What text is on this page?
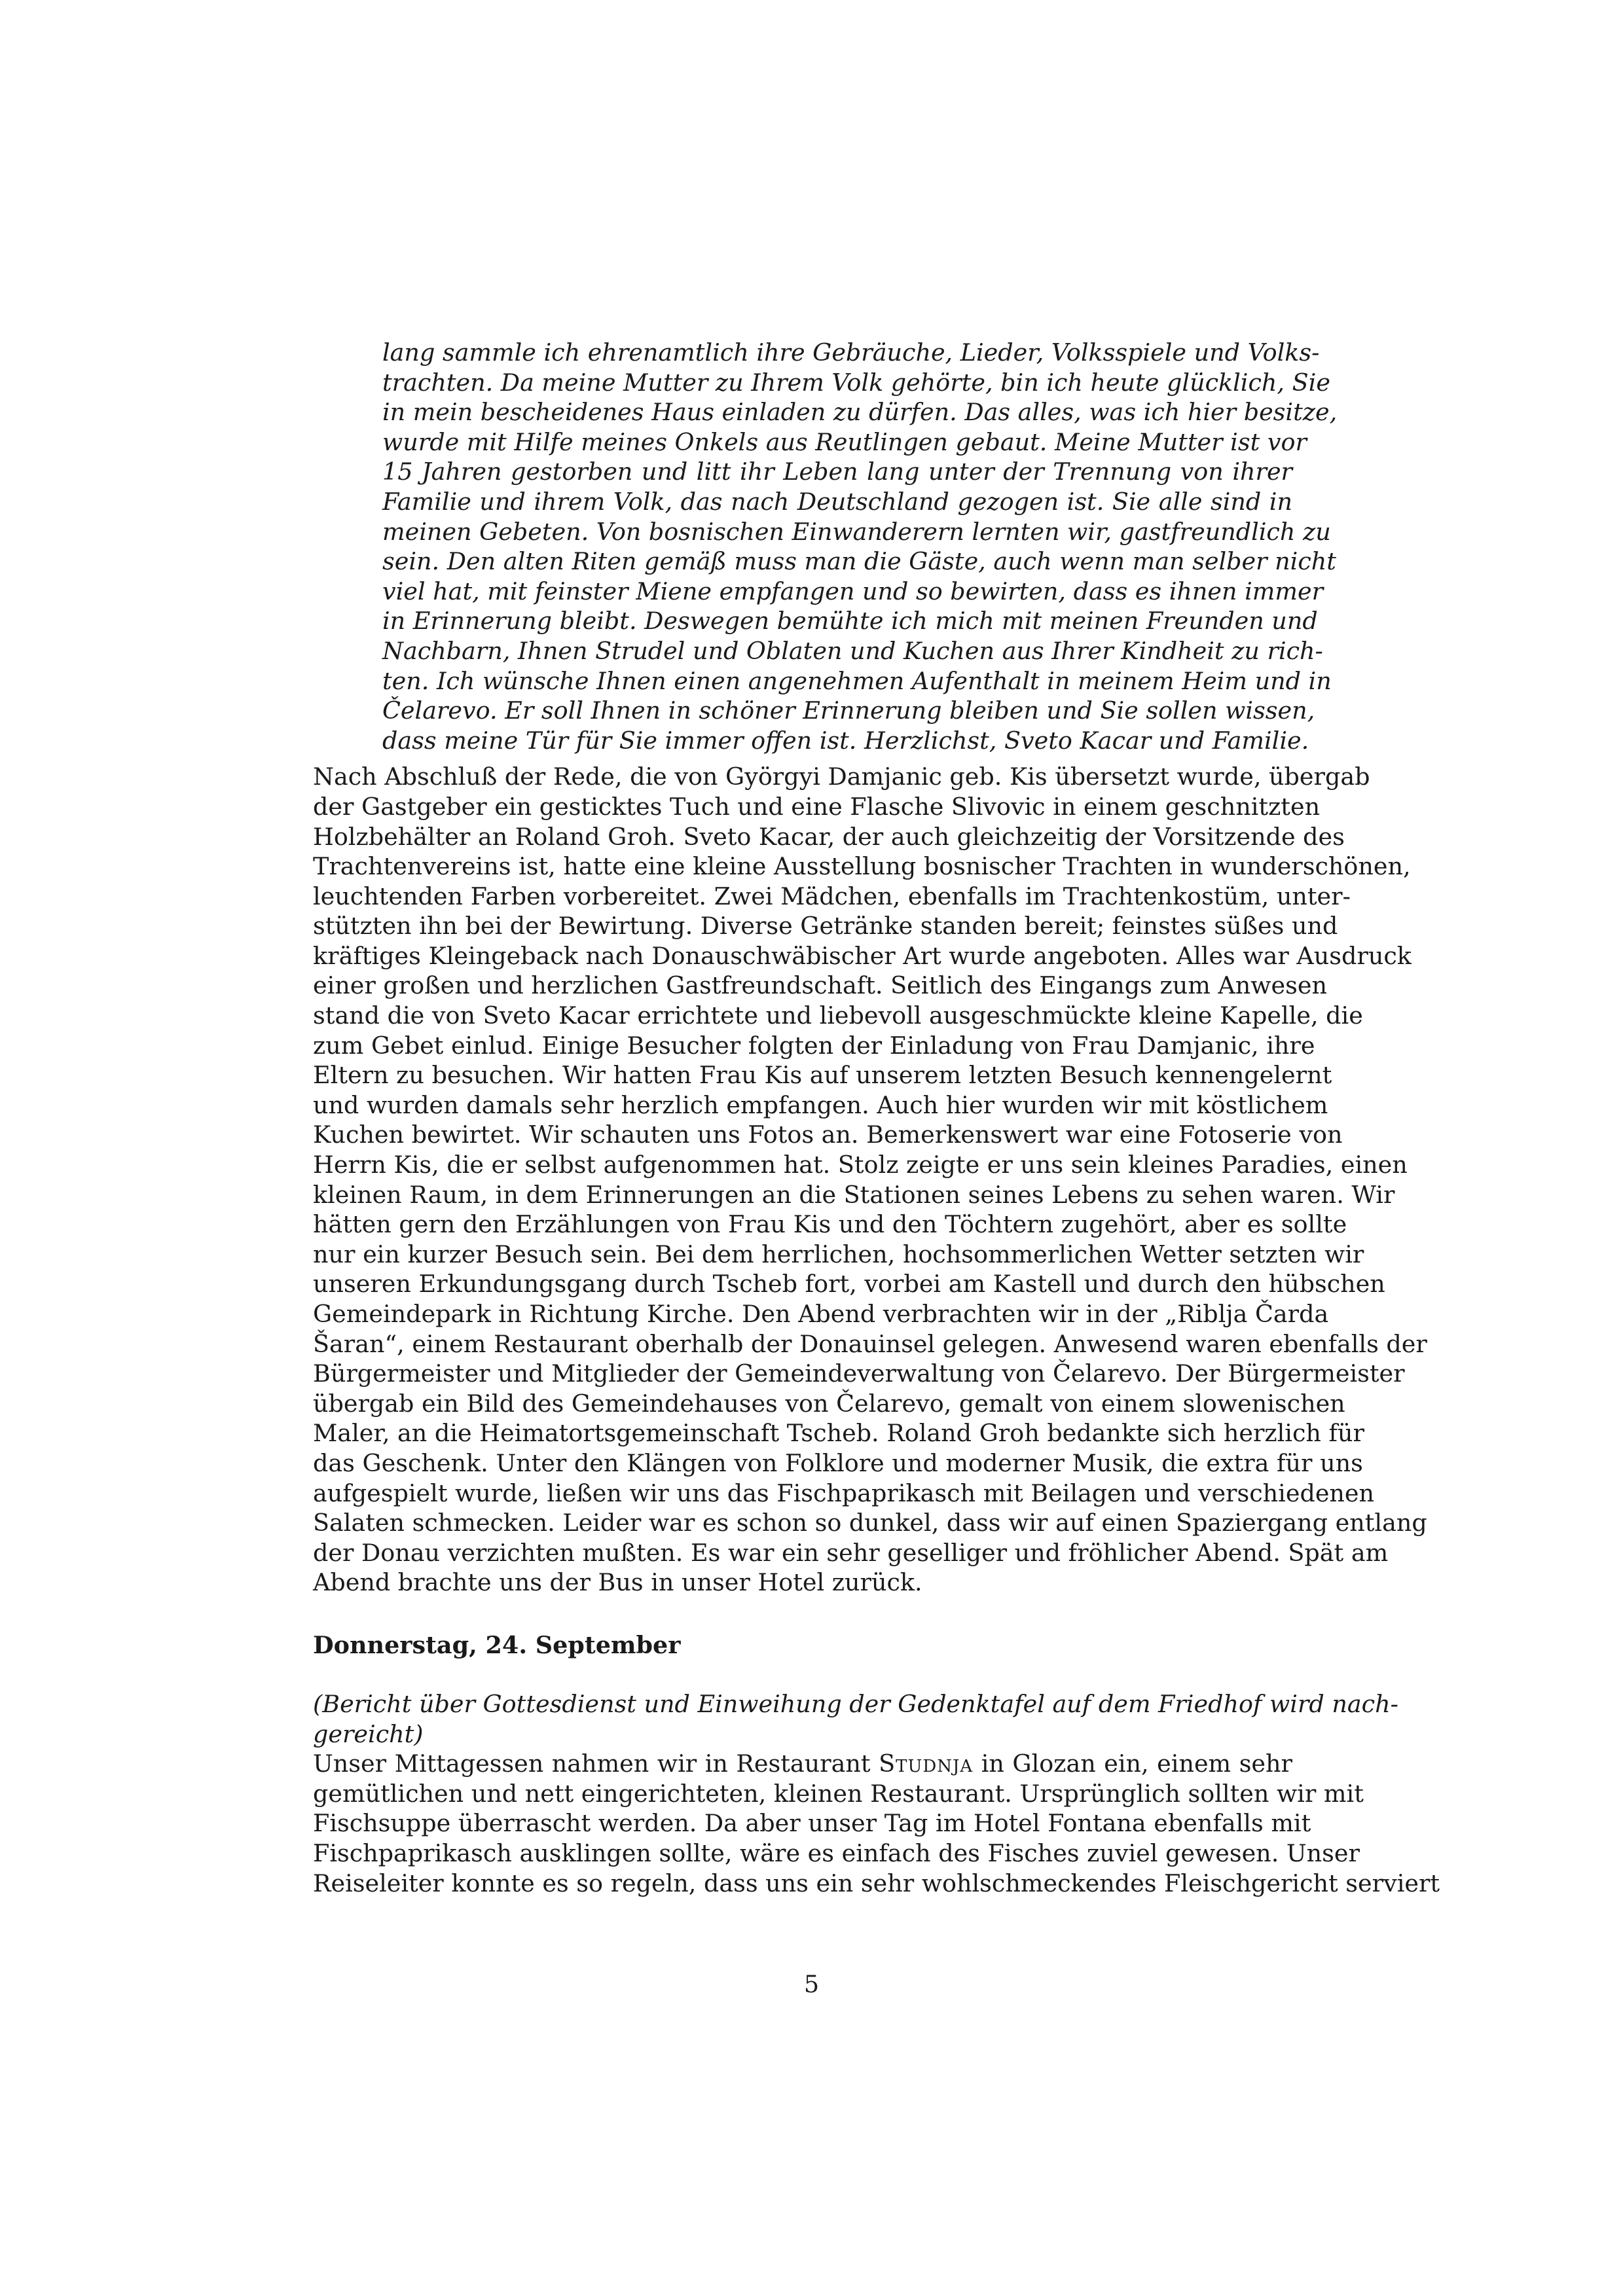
lang sammle ich ehrenamtlich ihre Gebräuche, Lieder, Volksspiele und Volks-
trachten. Da meine Mutter zu Ihrem Volk gehörte, bin ich heute glücklich, Sie
in mein bescheidenes Haus einladen zu dürfen. Das alles, was ich hier besitze,
wurde mit Hilfe meines Onkels aus Reutlingen gebaut. Meine Mutter ist vor
15 Jahren gestorben und litt ihr Leben lang unter der Trennung von ihrer
Familie und ihrem Volk, das nach Deutschland gezogen ist. Sie alle sind in
meinen Gebeten. Von bosnischen Einwanderern lernten wir, gastfreundlich zu
sein. Den alten Riten gemäß muss man die Gäste, auch wenn man selber nicht
viel hat, mit feinster Miene empfangen und so bewirten, dass es ihnen immer
in Erinnerung bleibt. Deswegen bemühte ich mich mit meinen Freunden und
Nachbarn, Ihnen Strudel und Oblaten und Kuchen aus Ihrer Kindheit zu rich-
ten. Ich wünsche Ihnen einen angenehmen Aufenthalt in meinem Heim und in
Čelarevo. Er soll Ihnen in schöner Erinnerung bleiben und Sie sollen wissen,
dass meine Tür für Sie immer offen ist. Herzlichst, Sveto Kacar und Familie.
Nach Abschluß der Rede, die von Györgyi Damjanic geb. Kis übersetzt wurde, übergab
der Gastgeber ein gesticktes Tuch und eine Flasche Slivovic in einem geschnitzten
Holzbehälter an Roland Groh. Sveto Kacar, der auch gleichzeitig der Vorsitzende des
Trachtenvereins ist, hatte eine kleine Ausstellung bosnischer Trachten in wunderschönen,
leuchtenden Farben vorbereitet. Zwei Mädchen, ebenfalls im Trachtenkostüm, unter-
stützten ihn bei der Bewirtung. Diverse Getränke standen bereit; feinstes süßes und
kräftiges Kleingeback nach Donauschwäbischer Art wurde angeboten. Alles war Ausdruck
einer großen und herzlichen Gastfreundschaft. Seitlich des Eingangs zum Anwesen
stand die von Sveto Kacar errichtete und liebevoll ausgeschmückte kleine Kapelle, die
zum Gebet einlud. Einige Besucher folgten der Einladung von Frau Damjanic, ihre
Eltern zu besuchen. Wir hatten Frau Kis auf unserem letzten Besuch kennengelernt
und wurden damals sehr herzlich empfangen. Auch hier wurden wir mit köstlichem
Kuchen bewirtet. Wir schauten uns Fotos an. Bemerkenswert war eine Fotoserie von
Herrn Kis, die er selbst aufgenommen hat. Stolz zeigte er uns sein kleines Paradies, einen
kleinen Raum, in dem Erinnerungen an die Stationen seines Lebens zu sehen waren. Wir
hätten gern den Erzählungen von Frau Kis und den Töchtern zugehört, aber es sollte
nur ein kurzer Besuch sein. Bei dem herrlichen, hochsommerlichen Wetter setzten wir
unseren Erkundungsgang durch Tscheb fort, vorbei am Kastell und durch den hübschen
Gemeindepark in Richtung Kirche. Den Abend verbrachten wir in der „Riblja Čarda
Šaran“, einem Restaurant oberhalb der Donauinsel gelegen. Anwesend waren ebenfalls der
Bürgermeister und Mitglieder der Gemeindeverwaltung von Čelarevo. Der Bürgermeister
übergab ein Bild des Gemeindehauses von Čelarevo, gemalt von einem slowenischen
Maler, an die Heimatortsgemeinschaft Tscheb. Roland Groh bedankte sich herzlich für
das Geschenk. Unter den Klängen von Folklore und moderner Musik, die extra für uns
aufgespielt wurde, ließen wir uns das Fischpaprikasch mit Beilagen und verschiedenen
Salaten schmecken. Leider war es schon so dunkel, dass wir auf einen Spaziergang entlang
der Donau verzichten mußten. Es war ein sehr geselliger und fröhlicher Abend. Spät am
Abend brachte uns der Bus in unser Hotel zurück.
Donnerstag, 24. September
(Bericht über Gottesdienst und Einweihung der Gedenktafel auf dem Friedhof wird nach-
gereicht)
Unser Mittagessen nahmen wir in Restaurant Studnja in Glozan ein, einem sehr
gemütlichen und nett eingerichteten, kleinen Restaurant. Ursprünglich sollten wir mit
Fischsuppe überrascht werden. Da aber unser Tag im Hotel Fontana ebenfalls mit
Fischpaprikasch ausklingen sollte, wäre es einfach des Fisches zuviel gewesen. Unser
Reiseleiter konnte es so regeln, dass uns ein sehr wohlschmeckendes Fleischgericht serviert
5
